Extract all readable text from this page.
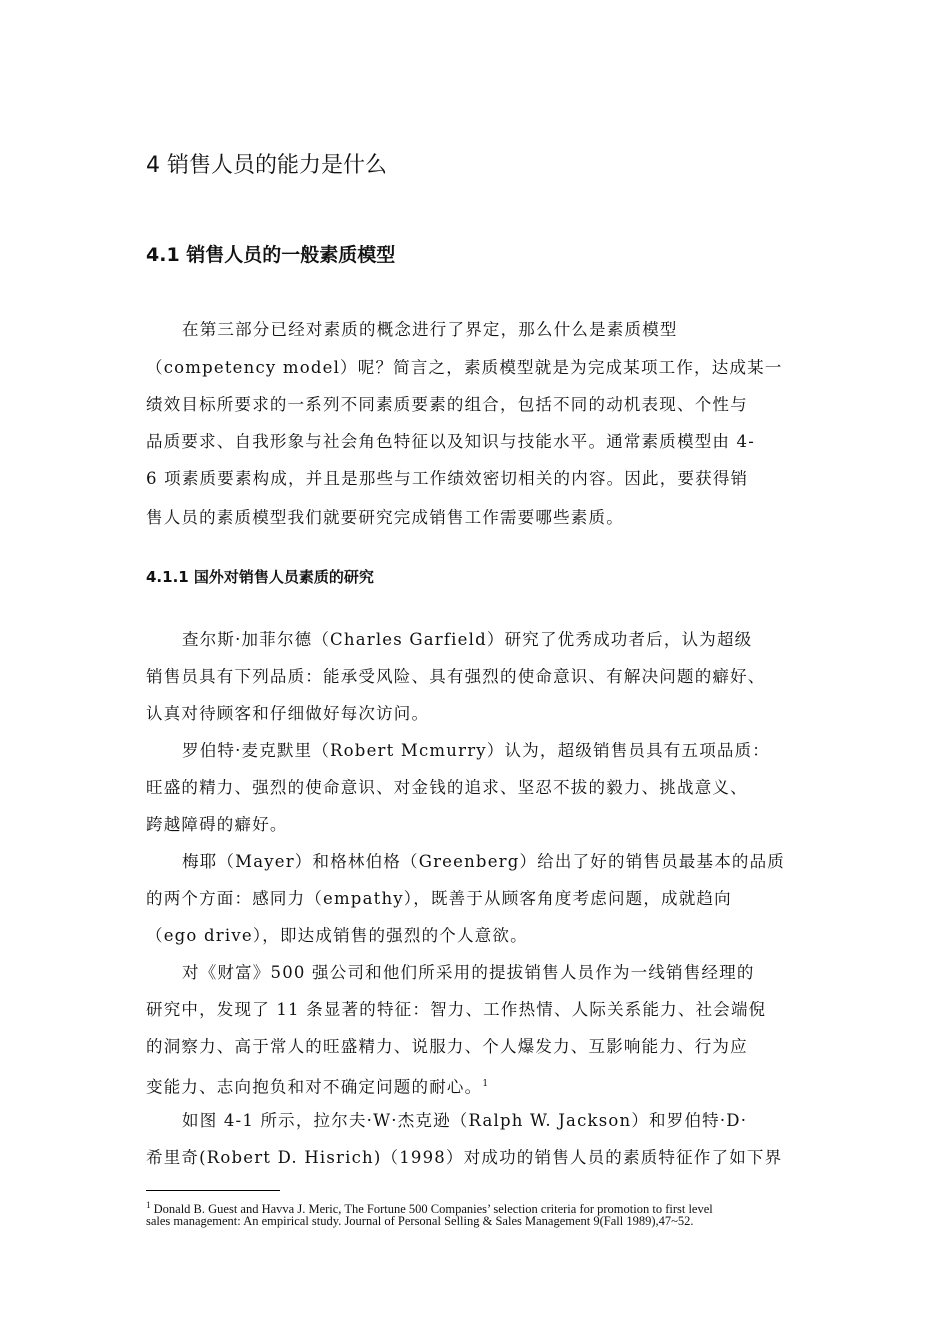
4 销售人员的能力是什么
4.1 销售人员的一般素质模型
在第三部分已经对素质的概念进行了界定，那么什么是素质模型
（competency model）呢？简言之，素质模型就是为完成某项工作，达成某一
绩效目标所要求的一系列不同素质要素的组合，包括不同的动机表现、个性与
品质要求、自我形象与社会角色特征以及知识与技能水平。通常素质模型由 4-
6 项素质要素构成，并且是那些与工作绩效密切相关的内容。因此，要获得销
售人员的素质模型我们就要研究完成销售工作需要哪些素质。
4.1.1 国外对销售人员素质的研究
查尔斯·加菲尔德（Charles Garfield）研究了优秀成功者后，认为超级
销售员具有下列品质：能承受风险、具有强烈的使命意识、有解决问题的癖好、
认真对待顾客和仔细做好每次访问。
罗伯特·麦克默里（Robert Mcmurry）认为，超级销售员具有五项品质：
旺盛的精力、强烈的使命意识、对金钱的追求、坚忍不拔的毅力、挑战意义、
跨越障碍的癖好。
梅耶（Mayer）和格林伯格（Greenberg）给出了好的销售员最基本的品质
的两个方面：感同力（empathy），既善于从顾客角度考虑问题，成就趋向
（ego drive），即达成销售的强烈的个人意欲。
对《财富》500 强公司和他们所采用的提拔销售人员作为一线销售经理的
研究中，发现了 11 条显著的特征：智力、工作热情、人际关系能力、社会端倪
的洞察力、高于常人的旺盛精力、说服力、个人爆发力、互影响能力、行为应
变能力、志向抱负和对不确定问题的耐心。$^1$
如图 4-1 所示，拉尔夫·W·杰克逊（Ralph W. Jackson）和罗伯特·D·
希里奇(Robert D. Hisrich)（1998）对成功的销售人员的素质特征作了如下界
$^1$ Donald B. Guest and Havva J. Meric, The Fortune 500 Companies’ selection criteria for promotion to first level
sales management: An empirical study. Journal of Personal Selling & Sales Management 9(Fall 1989),47~52.
